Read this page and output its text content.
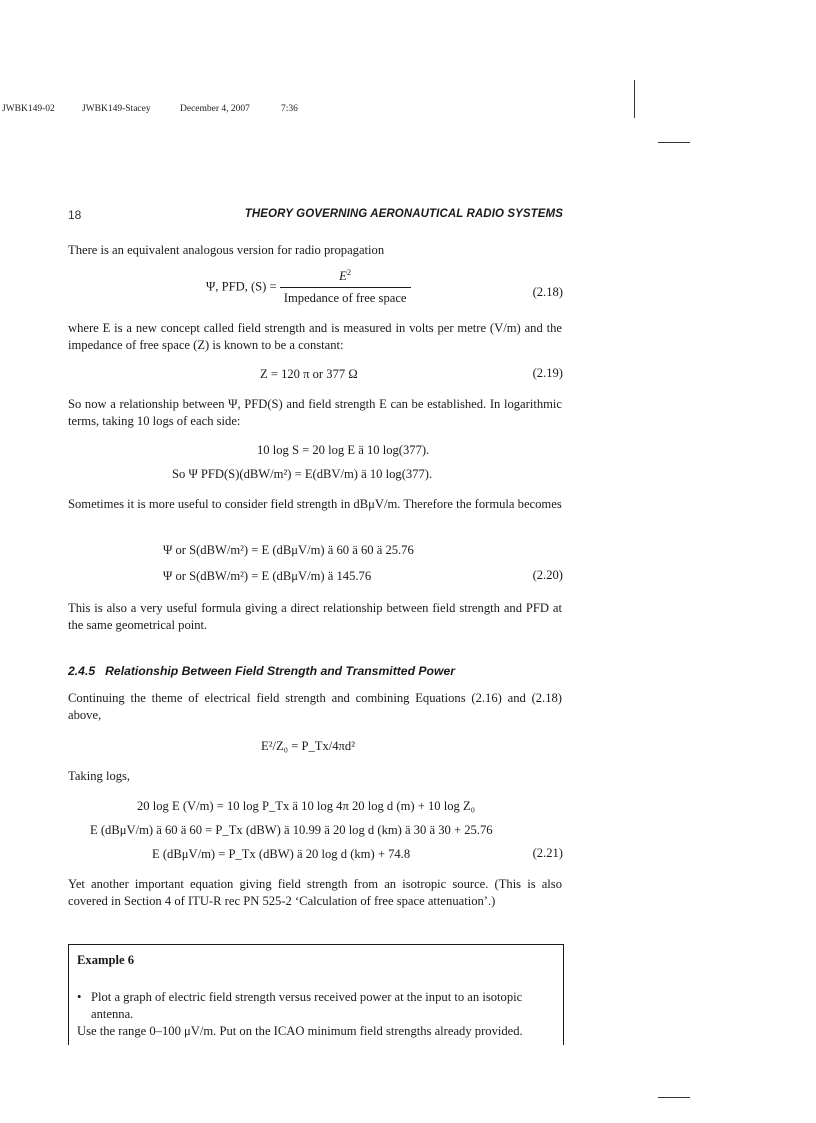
JWBK149-02	JWBK149-Stacey	December 4, 2007	7:36
18	THEORY GOVERNING AERONAUTICAL RADIO SYSTEMS
There is an equivalent analogous version for radio propagation
Ψ, PFD, $(S) = \frac{E^2}{\text{Impedance of free space}}$	(2.18)
where E is a new concept called field strength and is measured in volts per metre (V/m) and the impedance of free space (Z) is known to be a constant:
Z = 120 π or 377 Ω	(2.19)
So now a relationship between Ψ, PFD(S) and field strength E can be established. In logarithmic terms, taking 10 logs of each side:
10 log S = 20 log E ä 10 log(377).
So Ψ PFD(S)(dBW/m²) = E(dBV/m) ä 10 log(377).
Sometimes it is more useful to consider field strength in dBμV/m. Therefore the formula becomes
Ψ or S(dBW/m²) = E (dBμV/m) ä 60 ä 60 ä 25.76
Ψ or S(dBW/m²) = E (dBμV/m) ä 145.76	(2.20)
This is also a very useful formula giving a direct relationship between field strength and PFD at the same geometrical point.
2.4.5 Relationship Between Field Strength and Transmitted Power
Continuing the theme of electrical field strength and combining Equations (2.16) and (2.18) above,
E²/Z₀ = P_Tx/4πd²
Taking logs,
20 log E (V/m) = 10 log P_Tx ä 10 log 4π 20 log d (m) + 10 log Z₀
E (dBμV/m) ä 60 ä 60 = P_Tx (dBW) ä 10.99 ä 20 log d (km) ä 30 ä 30 + 25.76
E (dBμV/m) = P_Tx (dBW) ä 20 log d (km) + 74.8	(2.21)
Yet another important equation giving field strength from an isotropic source. (This is also covered in Section 4 of ITU-R rec PN 525-2 ‘Calculation of free space attenuation’.)
Example 6
• Plot a graph of electric field strength versus received power at the input to an isotopic antenna.
Use the range 0–100 μV/m. Put on the ICAO minimum field strengths already provided.
